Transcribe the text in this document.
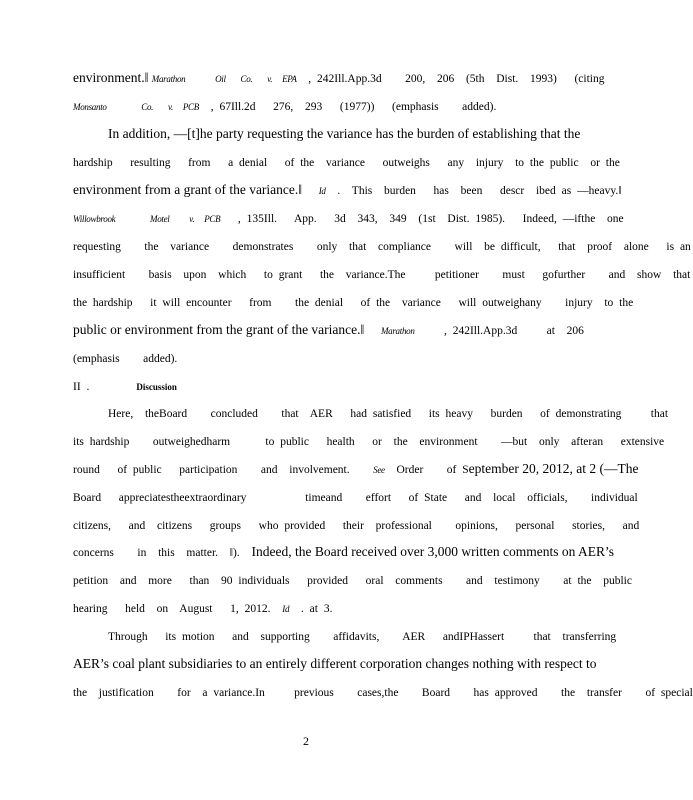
environment.‖ Marathon      Oil   Co.   v.  EPA  , 242Ill.App.3d    200,  206  (5th  Dist.  1993)   (citing
Monsanto       Co.   v.  PCB  , 67Ill.2d   276,  293   (1977))   (emphasis    added).
In addition, ―[t]he party requesting the variance has the burden of establishing that the
hardship   resulting   from   a denial   of the  variance   outweighs   any  injury  to the public  or the
environment from a grant of the variance.‖    Id  .  This  burden   has  been   descr  ibed as ―heavy.‖
Willowbrook       Motel    v.  PCB   , 135Ill.   App.   3d  343,  349  (1st  Dist. 1985).   Indeed, ―ifthe  one
requesting    the  variance    demonstrates    only  that  compliance    will  be difficult,   that  proof  alone   is an
insufficient    basis  upon  which   to grant   the  variance.The     petitioner    must   gofurther    and  show  that
the hardship   it will encounter   from    the denial   of the  variance   will outweighany    injury  to the
public or environment from the grant of the variance.‖    Marathon     , 242Ill.App.3d     at  206
(emphasis    added).
II .        Discussion
Here,  theBoard    concluded    that  AER   had satisfied   its heavy   burden   of demonstrating     that
its hardship    outweighedharm      to public   health   or  the  environment    ―but  only  afteran   extensive
round   of public   participation    and  involvement.    See  Order    of September 20, 2012, at 2 (―The
Board   appreciatestheextraordinary          timeand    effort   of State   and  local  officials,    individual
citizens,   and  citizens   groups   who provided   their  professional    opinions,   personal   stories,   and
concerns    in  this  matter.  ‖).  Indeed, the Board received over 3,000 written comments on AER’s
petition  and  more   than  90 individuals   provided   oral  comments    and  testimony    at the  public
hearing   held  on  August   1, 2012.  Id  . at 3.
Through   its motion   and  supporting    affidavits,    AER   andIPHassert     that  transferring
AER’s coal plant subsidiaries to an entirely different corporation changes nothing with respect to
the  justification    for  a variance.In     previous    cases,the    Board    has approved    the  transfer    of special
2
